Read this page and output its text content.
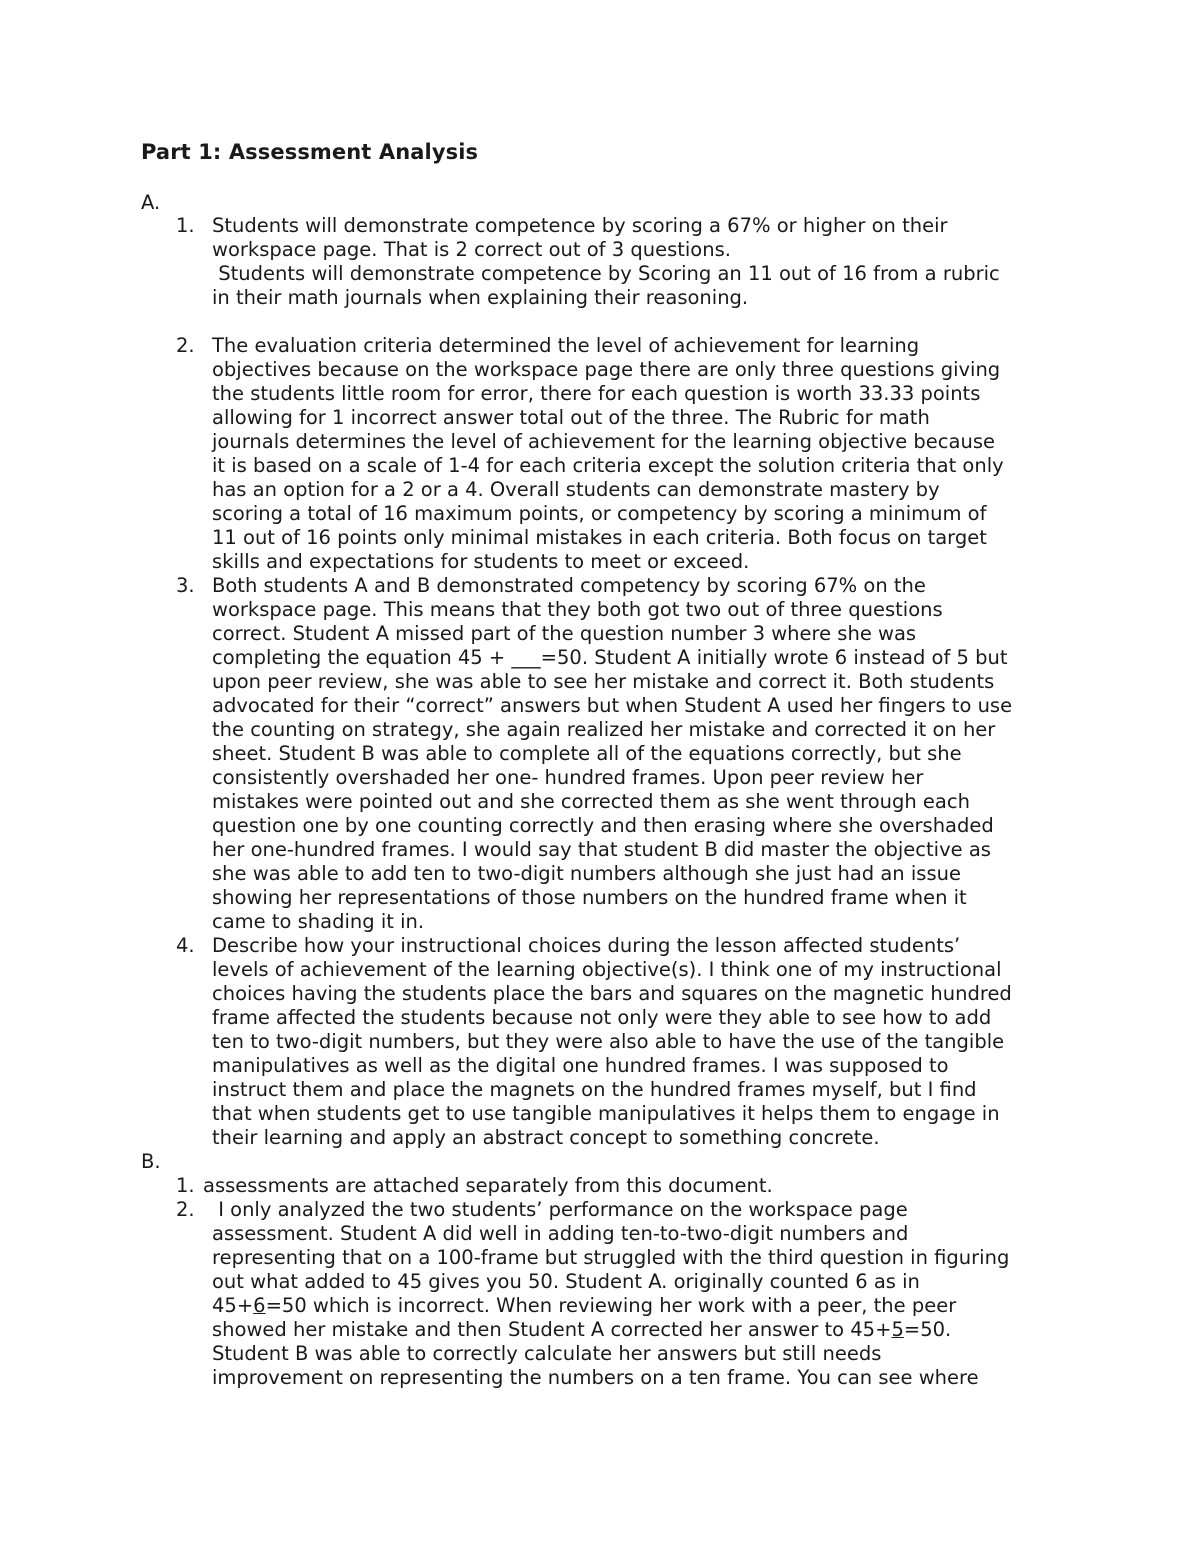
Part 1: Assessment Analysis

A.

1. Students will demonstrate competence by scoring a 67% or higher on their
workspace page. That is 2 correct out of 3 questions.
Students will demonstrate competence by Scoring an 11 out of 16 from a rubric
in their math journals when explaining their reasoning.
2. The evaluation criteria determined the level of achievement for learning
objectives because on the workspace page there are only three questions giving
the students little room for error, there for each question is worth 33.33 points
allowing for 1 incorrect answer total out of the three. The Rubric for math
journals determines the level of achievement for the learning objective because
it is based on a scale of 1-4 for each criteria except the solution criteria that only
has an option for a 2 or a 4. Overall students can demonstrate mastery by
scoring a total of 16 maximum points, or competency by scoring a minimum of
11 out of 16 points only minimal mistakes in each criteria. Both focus on target
skills and expectations for students to meet or exceed.
3. Both students A and B demonstrated competency by scoring 67% on the
workspace page. This means that they both got two out of three questions
correct. Student A missed part of the question number 3 where she was
completing the equation 45 + ___=50. Student A initially wrote 6 instead of 5 but
upon peer review, she was able to see her mistake and correct it. Both students
advocated for their “correct” answers but when Student A used her fingers to use
the counting on strategy, she again realized her mistake and corrected it on her
sheet. Student B was able to complete all of the equations correctly, but she
consistently overshaded her one- hundred frames. Upon peer review her
mistakes were pointed out and she corrected them as she went through each
question one by one counting correctly and then erasing where she overshaded
her one-hundred frames. I would say that student B did master the objective as
she was able to add ten to two-digit numbers although she just had an issue
showing her representations of those numbers on the hundred frame when it
came to shading it in.
4. Describe how your instructional choices during the lesson affected students’
levels of achievement of the learning objective(s). I think one of my instructional
choices having the students place the bars and squares on the magnetic hundred
frame affected the students because not only were they able to see how to add
ten to two-digit numbers, but they were also able to have the use of the tangible
manipulatives as well as the digital one hundred frames. I was supposed to
instruct them and place the magnets on the hundred frames myself, but I find
that when students get to use tangible manipulatives it helps them to engage in
their learning and apply an abstract concept to something concrete.

B.

1. assessments are attached separately from this document.
2. I only analyzed the two students’ performance on the workspace page
assessment. Student A did well in adding ten-to-two-digit numbers and
representing that on a 100-frame but struggled with the third question in figuring
out what added to 45 gives you 50. Student A. originally counted 6 as in
45+6=50 which is incorrect. When reviewing her work with a peer, the peer
showed her mistake and then Student A corrected her answer to 45+5=50.
Student B was able to correctly calculate her answers but still needs
improvement on representing the numbers on a ten frame. You can see where
